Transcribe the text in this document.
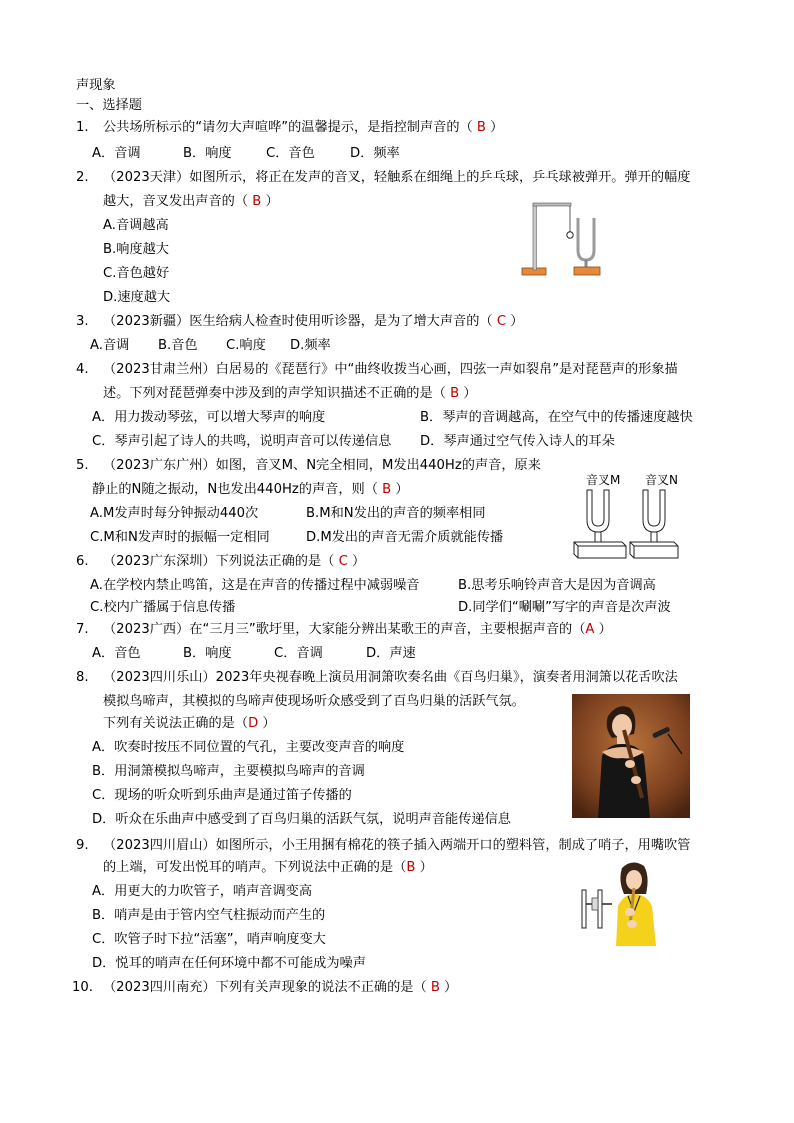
声现象
一、选择题
1. 公共场所标示的“请勿大声喧哗”的温馨提示，是指控制声音的（ B ）
A．音调	B．响度	C．音色	D．频率
2. （2023天津）如图所示，将正在发声的音叉，轻触系在细绳上的乒乓球，乒乓球被弹开。弹开的幅度
越大，音叉发出声音的（ B ）
A.音调越高
B.响度越大
C.音色越好
D.速度越大
3. （2023新疆）医生给病人检查时使用听诊器，是为了增大声音的（ C ）
A.音调 B.音色 C.响度 D.频率
4. （2023甘肃兰州）白居易的《琵琶行》中“曲终收拨当心画，四弦一声如裂帛”是对琵琶声的形象描
述。下列对琵琶弹奏中涉及到的声学知识描述不正确的是（ B ）
A．用力拨动琴弦，可以增大琴声的响度	B．琴声的音调越高，在空气中的传播速度越快
C．琴声引起了诗人的共鸣，说明声音可以传递信息 D．琴声通过空气传入诗人的耳朵
5. （2023广东广州）如图，音叉M、N完全相同，M发出440Hz的声音，原来
静止的N随之振动，N也发出440Hz的声音，则（ B ）
A.M发声时每分钟振动440次	B.M和N发出的声音的频率相同
C.M和N发声时的振幅一定相同	D.M发出的声音无需介质就能传播
音叉M 音叉N
6. （2023广东深圳）下列说法正确的是（ C ）
A.在学校内禁止鸣笛，这是在声音的传播过程中减弱噪音	B.思考乐响铃声音大是因为音调高
C.校内广播属于信息传播	D.同学们“唰唰”写字的声音是次声波
7. （2023广西）在“三月三”歌圩里，大家能分辨出某歌王的声音，主要根据声音的（A ）
A．音色	B．响度	C．音调	D．声速
8. （2023四川乐山）2023年央视春晚上演员用洞箫吹奏名曲《百鸟归巢》，演奏者用洞箫以花舌吹法
模拟鸟啼声，其模拟的鸟啼声使现场听众感受到了百鸟归巢的活跃气氛。
下列有关说法正确的是（D ）
A．吹奏时按压不同位置的气孔，主要改变声音的响度
B．用洞箫模拟鸟啼声，主要模拟鸟啼声的音调
C．现场的听众听到乐曲声是通过笛子传播的
D．听众在乐曲声中感受到了百鸟归巢的活跃气氛，说明声音能传递信息
9. （2023四川眉山）如图所示，小王用捆有棉花的筷子插入两端开口的塑料管，制成了哨子，用嘴吹管
的上端，可发出悦耳的哨声。下列说法中正确的是（B ）
A．用更大的力吹管子，哨声音调变高
B．哨声是由于管内空气柱振动而产生的
C．吹管子时下拉“活塞”，哨声响度变大
D．悦耳的哨声在任何环境中都不可能成为噪声
10. （2023四川南充）下列有关声现象的说法不正确的是（ B ）
